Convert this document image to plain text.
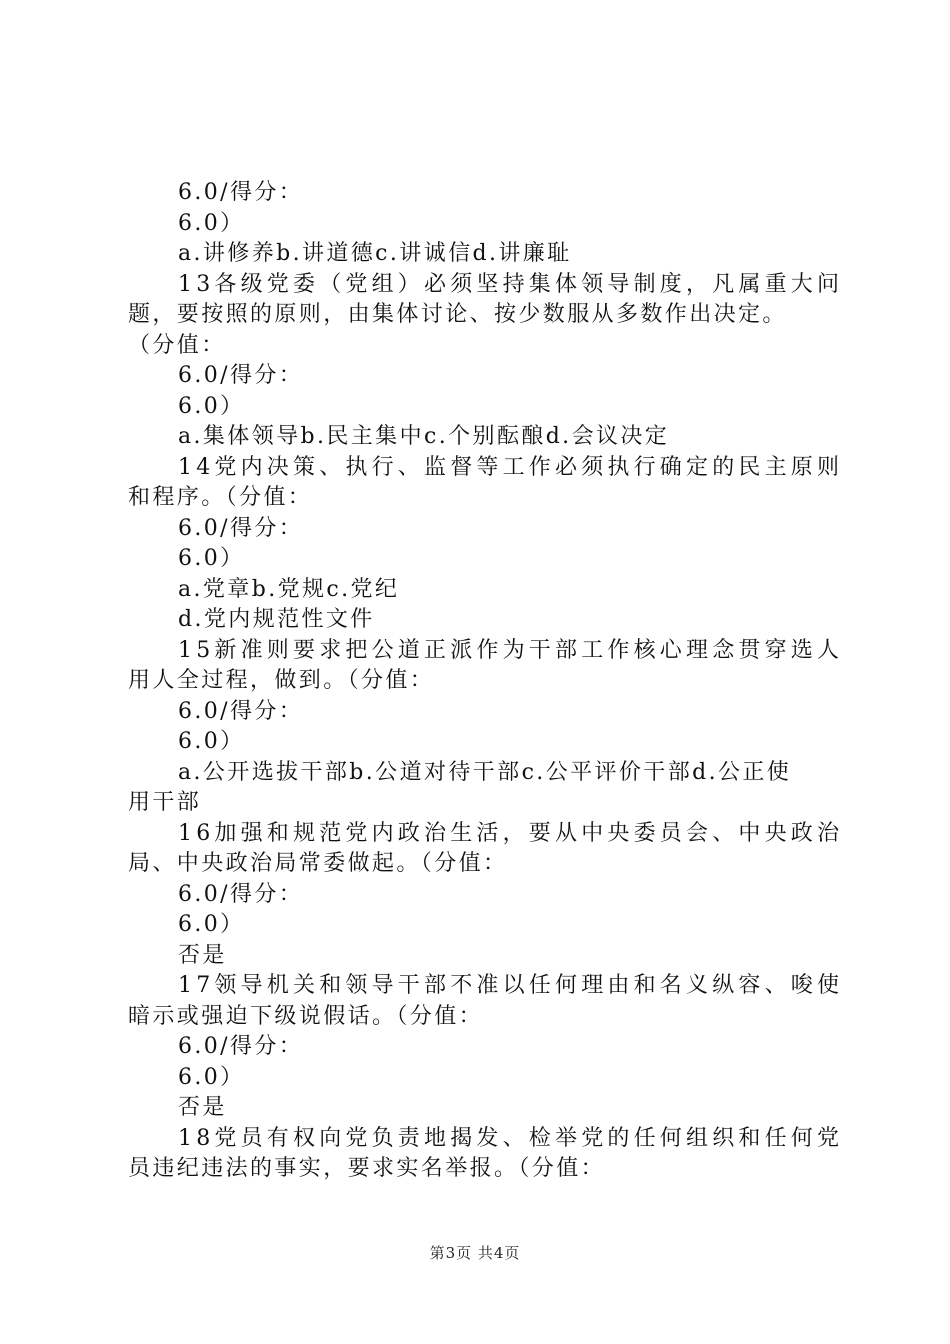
6.0/得分：
6.0）
a.讲修养b.讲道德c.讲诚信d.讲廉耻
13各级党委（党组）必须坚持集体领导制度，凡属重大问
题，要按照的原则，由集体讨论、按少数服从多数作出决定。
（分值：
6.0/得分：
6.0）
a.集体领导b.民主集中c.个别酝酿d.会议决定
14党内决策、执行、监督等工作必须执行确定的民主原则
和程序。（分值：
6.0/得分：
6.0）
a.党章b.党规c.党纪
d.党内规范性文件
15新准则要求把公道正派作为干部工作核心理念贯穿选人
用人全过程，做到。（分值：
6.0/得分：
6.0）
a.公开选拔干部b.公道对待干部c.公平评价干部d.公正使
用干部
16加强和规范党内政治生活，要从中央委员会、中央政治
局、中央政治局常委做起。（分值：
6.0/得分：
6.0）
否是
17领导机关和领导干部不准以任何理由和名义纵容、唆使
暗示或强迫下级说假话。（分值：
6.0/得分：
6.0）
否是
18党员有权向党负责地揭发、检举党的任何组织和任何党
员违纪违法的事实，要求实名举报。（分值：
第3页 共4页
